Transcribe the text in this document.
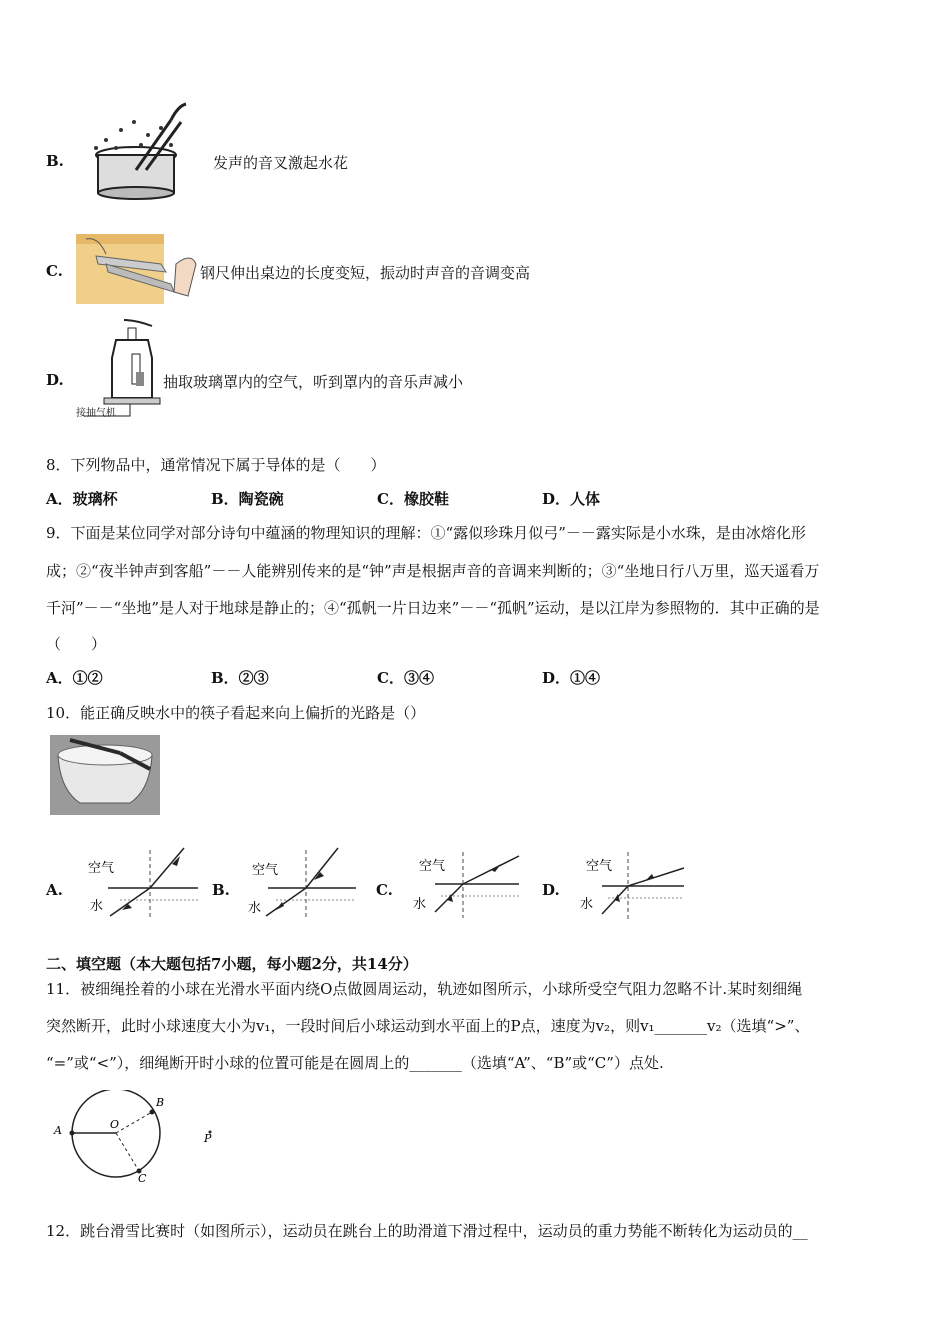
B.	发声的音叉激起水花
C.	钢尺伸出桌边的长度变短，振动时声音的音调变高
D.
接抽气机
抽取玻璃罩内的空气，听到罩内的音乐声减小
8．下列物品中，通常情况下属于导体的是（　　）
A．玻璃杯	B．陶瓷碗	C．橡胶鞋	D．人体
9．下面是某位同学对部分诗句中蕴涵的物理知识的理解：①“露似珍珠月似弓”－－露实际是小水珠，是由冰熔化形
成；②“夜半钟声到客船”－－人能辨别传来的是“钟”声是根据声音的音调来判断的；③“坐地日行八万里，巡天遥看万
千河”－－“坐地”是人对于地球是静止的；④“孤帆一片日边来”－－“孤帆”运动，是以江岸为参照物的．其中正确的是
（　　）
A．①②	B．②③	C．③④	D．①④
10．能正确反映水中的筷子看起来向上偏折的光路是（）
A.
空气
水
B.
空气
水
C.
空气
水
D.
空气
水
二、填空题（本大题包括7小题，每小题2分，共14分）
11．被细绳拴着的小球在光滑水平面内绕O点做圆周运动，轨迹如图所示，小球所受空气阻力忽略不计.某时刻细绳
突然断开，此时小球速度大小为v₁，一段时间后小球运动到水平面上的P点，速度为v₂，则v₁_______v₂（选填“>”、
“=”或“<”），细绳断开时小球的位置可能是在圆周上的_______（选填“A”、“B”或“C”）点处.
A	O
B
C
P
12．跳台滑雪比赛时（如图所示），运动员在跳台上的助滑道下滑过程中，运动员的重力势能不断转化为运动员的__
